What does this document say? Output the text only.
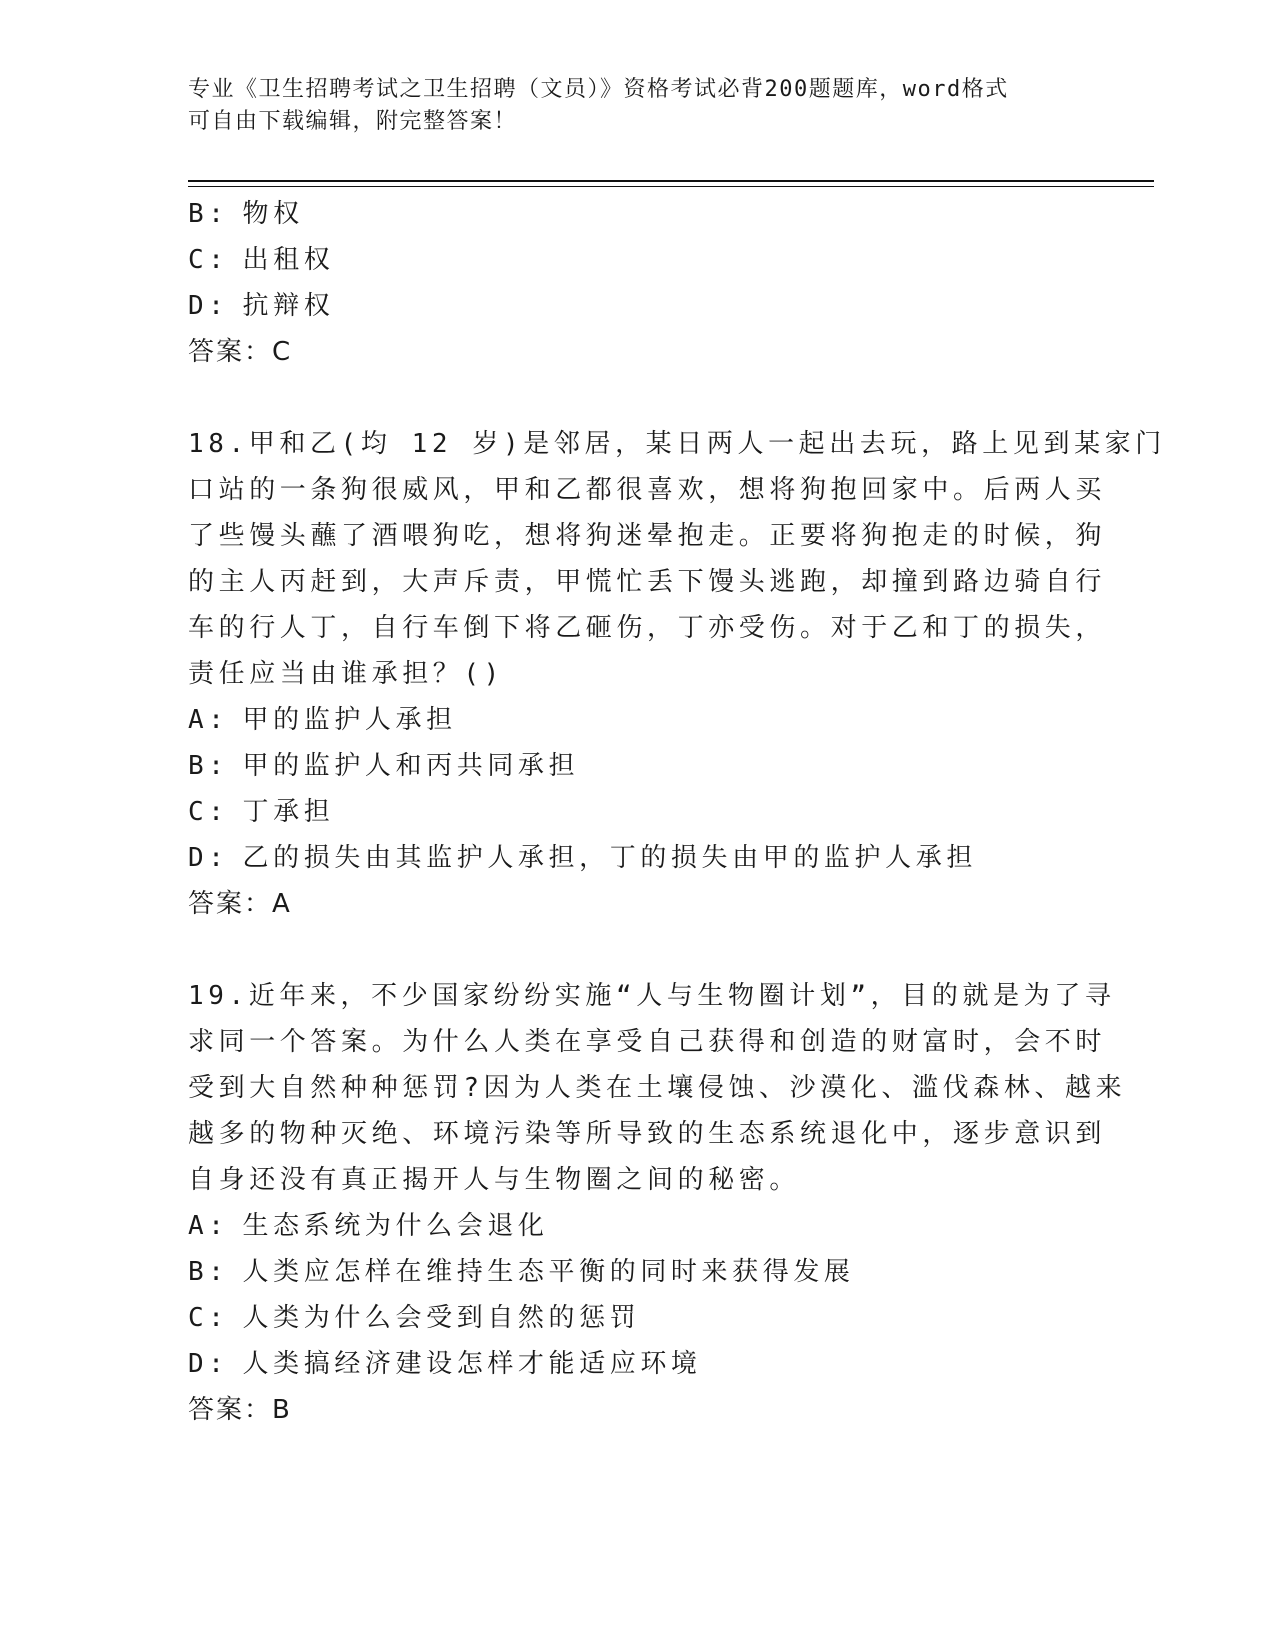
专业《卫生招聘考试之卫生招聘（文员）》资格考试必背200题题库，word格式
可自由下载编辑，附完整答案！
B: 物权
C: 出租权
D: 抗辩权
答案：C
18.甲和乙(均 12 岁)是邻居，某日两人一起出去玩，路上见到某家门
口站的一条狗很威风，甲和乙都很喜欢，想将狗抱回家中。后两人买
了些馒头蘸了酒喂狗吃，想将狗迷晕抱走。正要将狗抱走的时候，狗
的主人丙赶到，大声斥责，甲慌忙丢下馒头逃跑，却撞到路边骑自行
车的行人丁，自行车倒下将乙砸伤，丁亦受伤。对于乙和丁的损失，
责任应当由谁承担？()
A: 甲的监护人承担
B: 甲的监护人和丙共同承担
C: 丁承担
D: 乙的损失由其监护人承担，丁的损失由甲的监护人承担
答案：A
19.近年来，不少国家纷纷实施“人与生物圈计划”，目的就是为了寻
求同一个答案。为什么人类在享受自己获得和创造的财富时，会不时
受到大自然种种惩罚?因为人类在土壤侵蚀、沙漠化、滥伐森林、越来
越多的物种灭绝、环境污染等所导致的生态系统退化中，逐步意识到
自身还没有真正揭开人与生物圈之间的秘密。
A: 生态系统为什么会退化
B: 人类应怎样在维持生态平衡的同时来获得发展
C: 人类为什么会受到自然的惩罚
D: 人类搞经济建设怎样才能适应环境
答案：B
